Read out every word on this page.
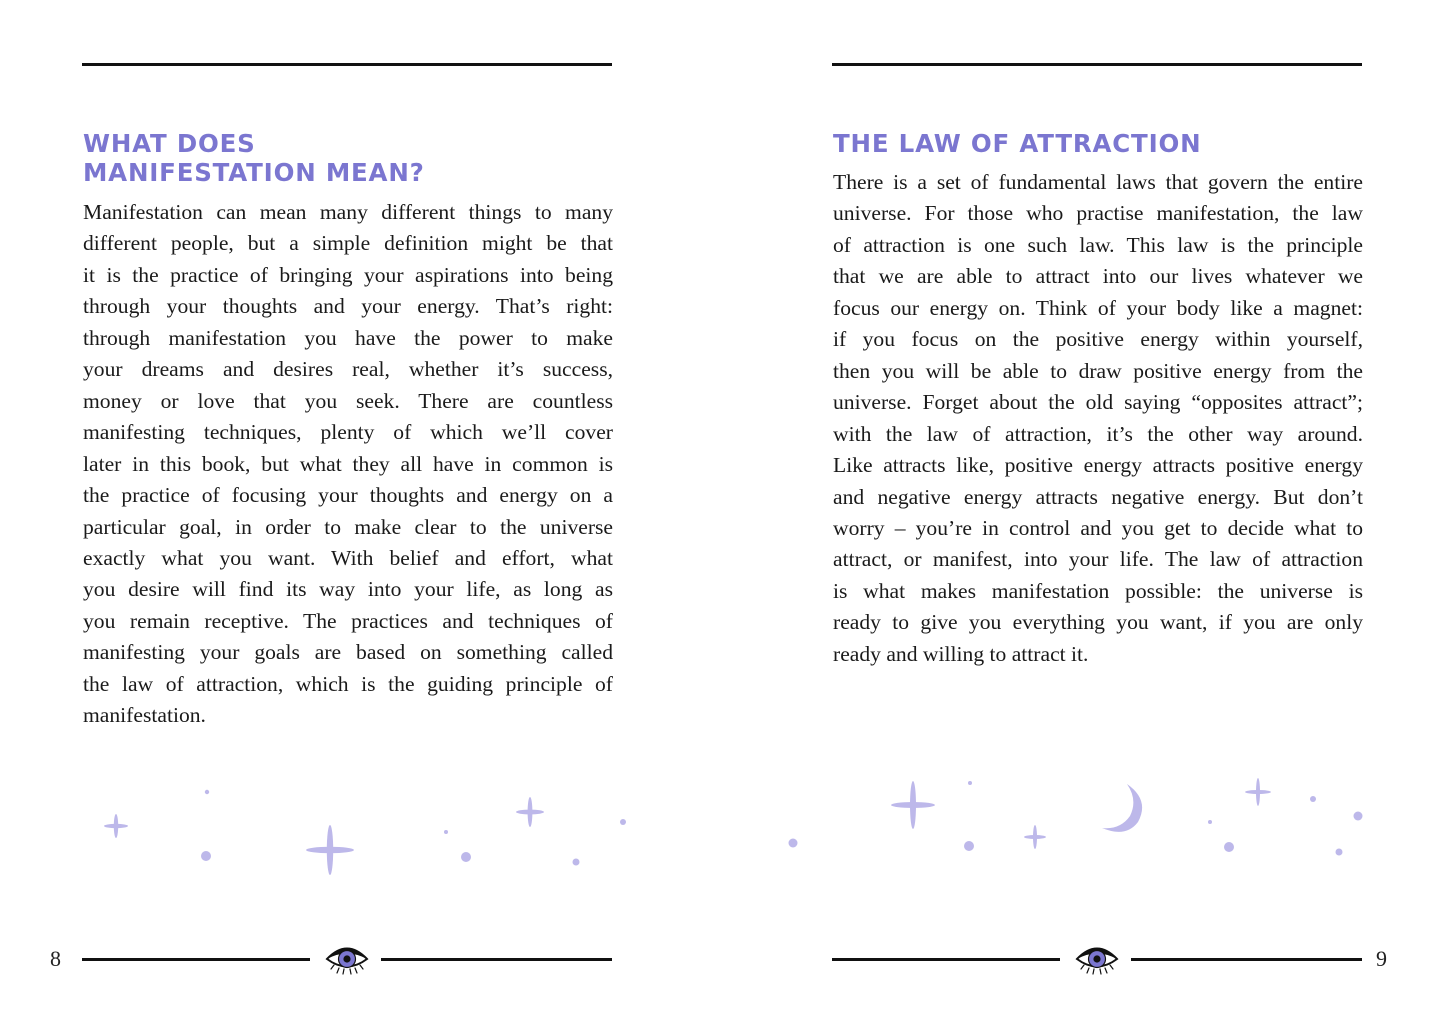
WHAT DOES
MANIFESTATION MEAN?
Manifestation can mean many different things to many
different people, but a simple definition might be that
it is the practice of bringing your aspirations into being
through your thoughts and your energy. That’s right:
through manifestation you have the power to make
your dreams and desires real, whether it’s success,
money or love that you seek. There are countless
manifesting techniques, plenty of which we’ll cover
later in this book, but what they all have in common is
the practice of focusing your thoughts and energy on a
particular goal, in order to make clear to the universe
exactly what you want. With belief and effort, what
you desire will find its way into your life, as long as
you remain receptive. The practices and techniques of
manifesting your goals are based on something called
the law of attraction, which is the guiding principle of
manifestation.
8
THE LAW OF ATTRACTION
There is a set of fundamental laws that govern the entire
universe. For those who practise manifestation, the law
of attraction is one such law. This law is the principle
that we are able to attract into our lives whatever we
focus our energy on. Think of your body like a magnet:
if you focus on the positive energy within yourself,
then you will be able to draw positive energy from the
universe. Forget about the old saying “opposites attract”;
with the law of attraction, it’s the other way around.
Like attracts like, positive energy attracts positive energy
and negative energy attracts negative energy. But don’t
worry – you’re in control and you get to decide what to
attract, or manifest, into your life. The law of attraction
is what makes manifestation possible: the universe is
ready to give you everything you want, if you are only
ready and willing to attract it.
9
